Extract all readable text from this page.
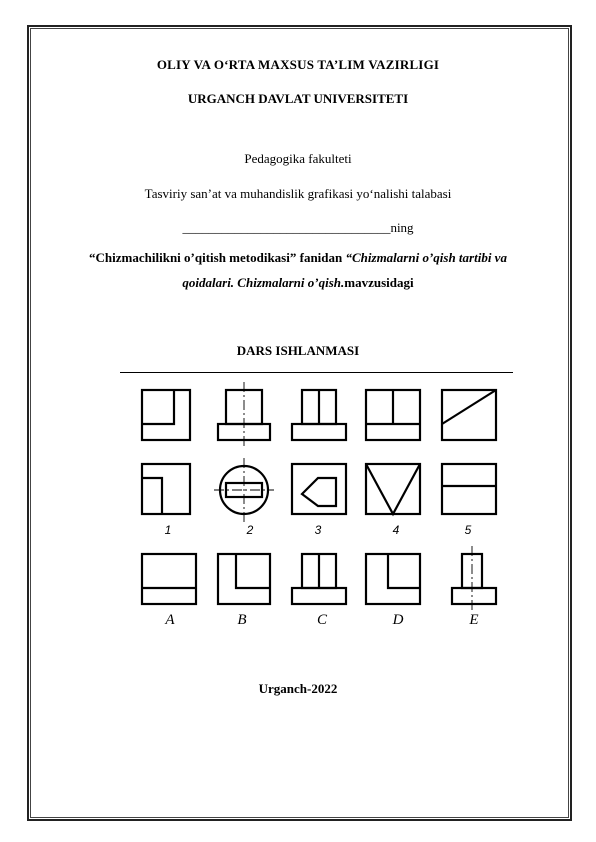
OLIY VA O‘RTA MAXSUS TA’LIM VAZIRLIGI
URGANCH DAVLAT UNIVERSITETI
Pedagogika fakulteti
Tasviriy san’at va muhandislik grafikasi yo‘nalishi talabasi
________________________________ning
“Chizmachilikni o’qitish metodikasi” fanidan “Chizmalarni o’qish tartibi va
qoidalari. Chizmalarni o’qish.mavzusidagi
DARS ISHLANMASI
1	2	3	4	5
A	B	C	D	E
Urganch-2022
